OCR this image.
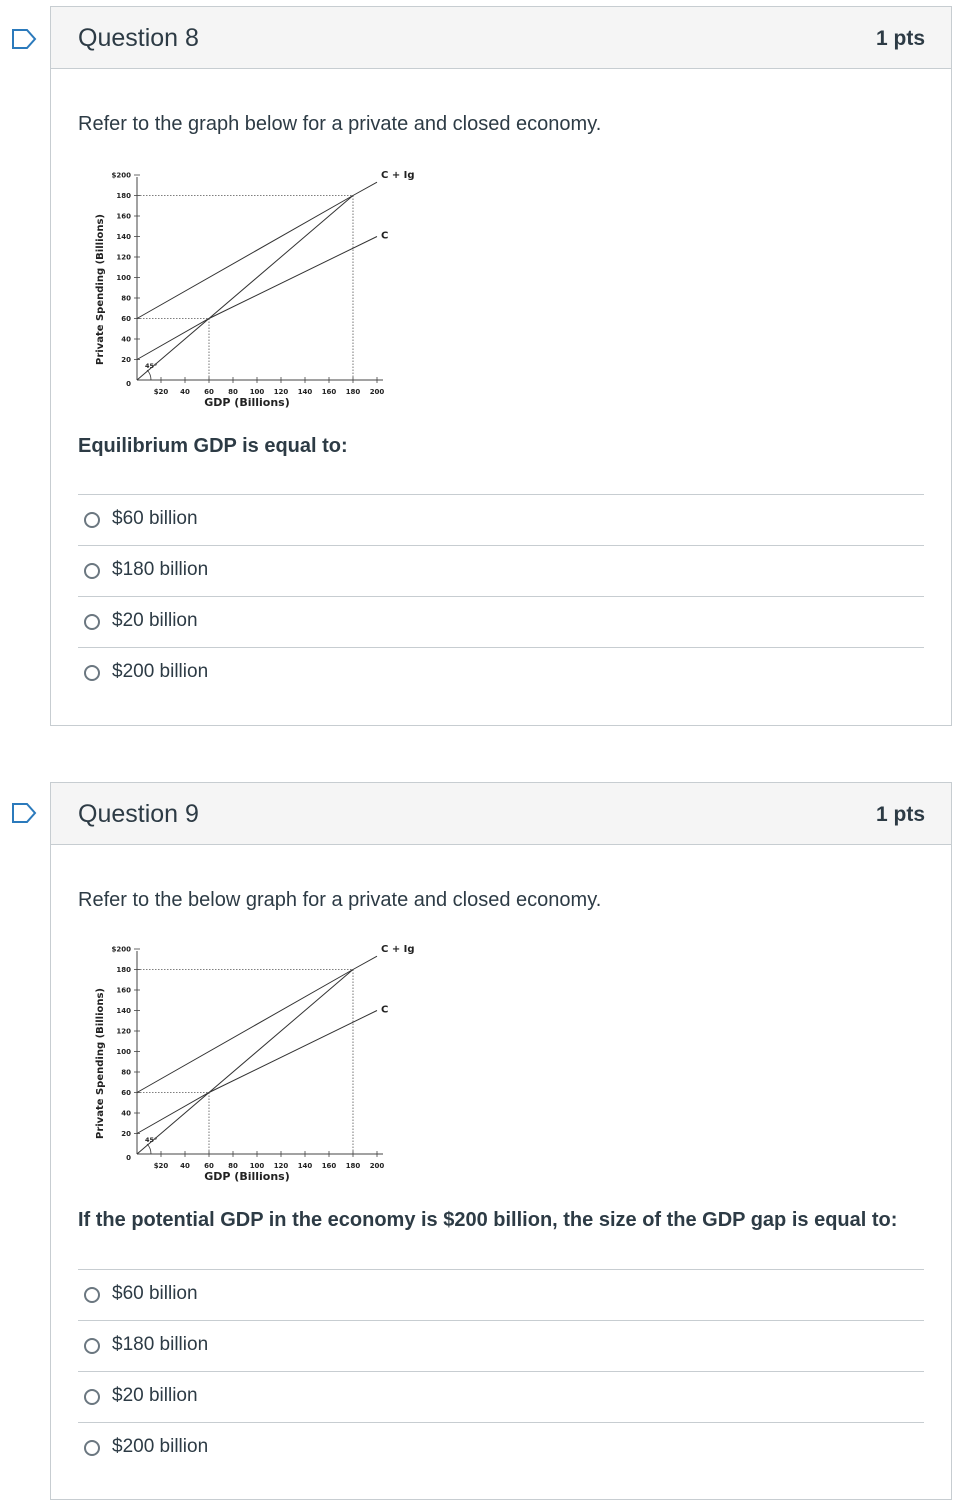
Question 8	1 pts
Refer to the graph below for a private and closed economy.
$200
180
160
140
120
100
80
60
40
20
$20 40 60 80 100 120 140 160 180 200
0
GDP (Billions)
Private Spending (Billions)
45°
C + Ig
C
Equilibrium GDP is equal to:
$60 billion
$180 billion
$20 billion
$200 billion
Question 9	1 pts
Refer to the below graph for a private and closed economy.
$200
180
160
140
120
100
80
60
40
20
$20 40 60 80 100 120 140 160 180 200
0
GDP (Billions)
Private Spending (Billions)
45°
C + Ig
C
If the potential GDP in the economy is $200 billion, the size of the GDP gap is equal to:
$60 billion
$180 billion
$20 billion
$200 billion
